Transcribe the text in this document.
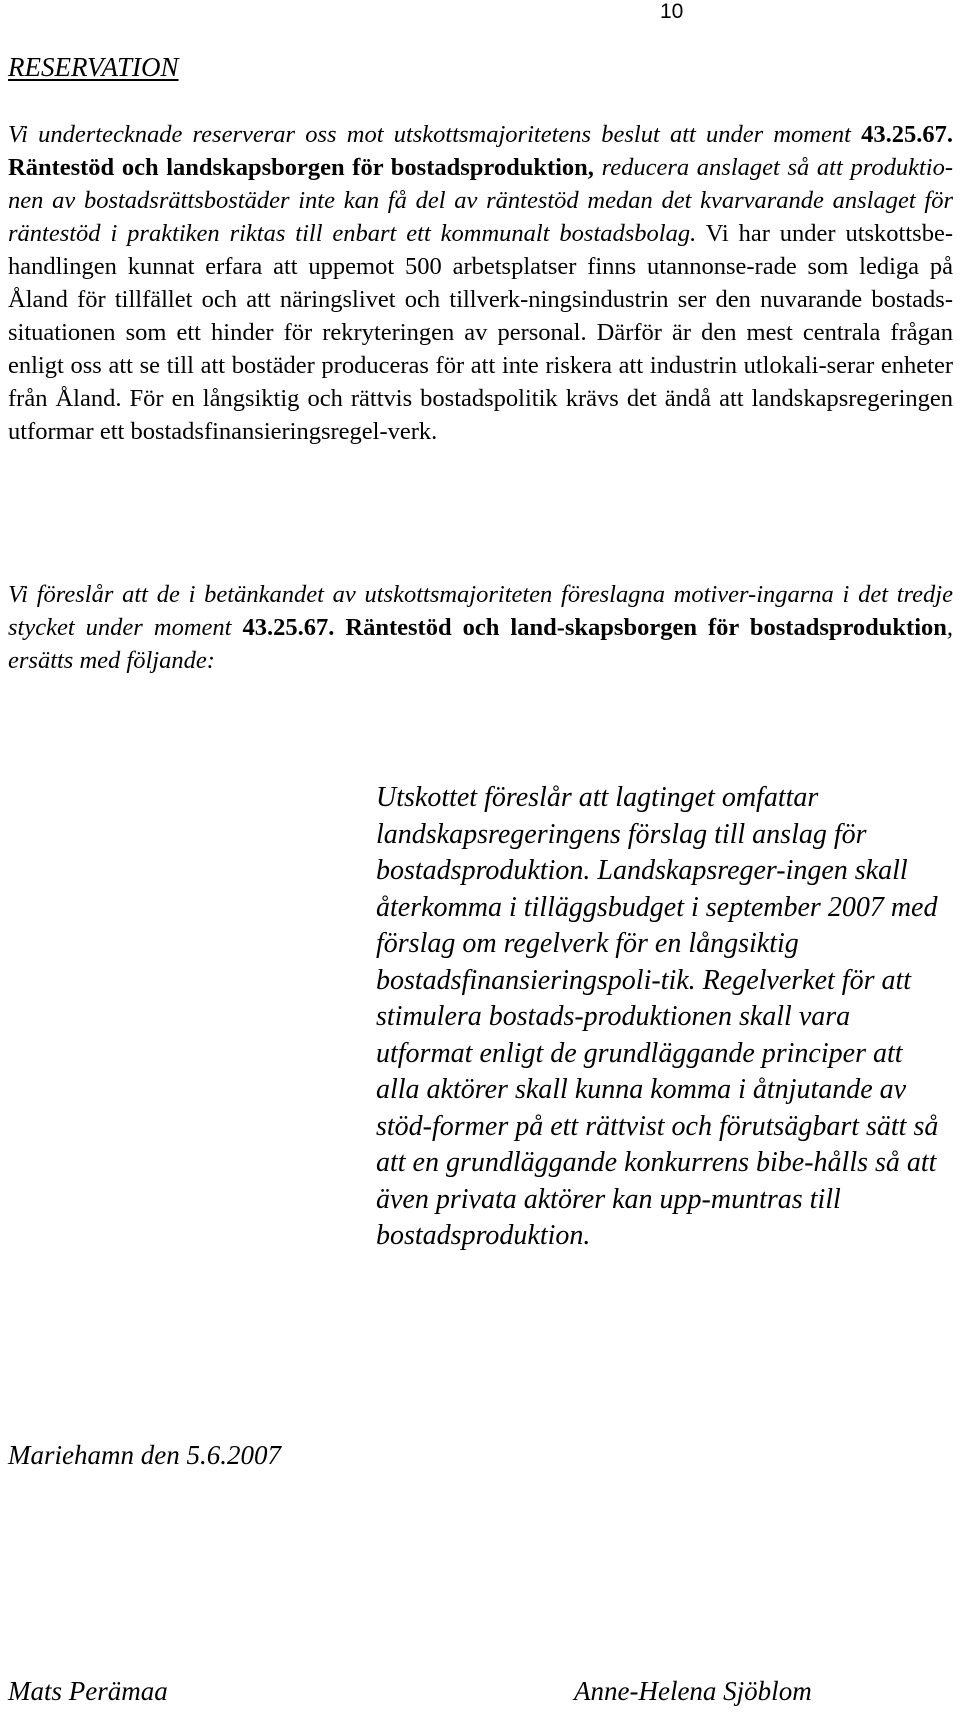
10
RESERVATION

Vi undertecknade reserverar oss mot utskottsmajoritetens beslut att under moment 43.25.67. Räntestöd och landskapsborgen för bostadsproduktion, reducera anslaget så att produktio-nen av bostadsrättsbostäder inte kan få del av räntestöd medan det kvarvarande anslaget för räntestöd i praktiken riktas till enbart ett kommunalt bostadsbolag. Vi har under utskottsbe-handlingen kunnat erfara att uppemot 500 arbetsplatser finns utannonse-rade som lediga på Åland för tillfället och att näringslivet och tillverk-ningsindustrin ser den nuvarande bostads-situationen som ett hinder för rekryteringen av personal. Därför är den mest centrala frågan enligt oss att se till att bostäder produceras för att inte riskera att industrin utlokali-serar enheter från Åland. För en långsiktig och rättvis bostadspolitik krävs det ändå att landskapsregeringen utformar ett bostadsfinansieringsregel-verk.

Vi föreslår att de i betänkandet av utskottsmajoriteten föreslagna motiver-ingarna i det tredje stycket under moment 43.25.67. Räntestöd och land-skapsborgen för bostadsproduktion, ersätts med följande:

Utskottet föreslår att lagtinget omfattar landskapsregeringens förslag till anslag för bostadsproduktion. Landskapsreger-ingen skall återkomma i tilläggsbudget i september 2007 med förslag om regelverk för en långsiktig bostadsfinansieringspoli-tik. Regelverket för att stimulera bostads-produktionen skall vara utformat enligt de grundläggande principer att alla aktörer skall kunna komma i åtnjutande av stöd-former på ett rättvist och förutsägbart sätt så att en grundläggande konkurrens bibe-hålls så att även privata aktörer kan upp-muntras till bostadsproduktion.

Mariehamn den 5.6.2007
Mats Perämaa	Anne-Helena Sjöblom
